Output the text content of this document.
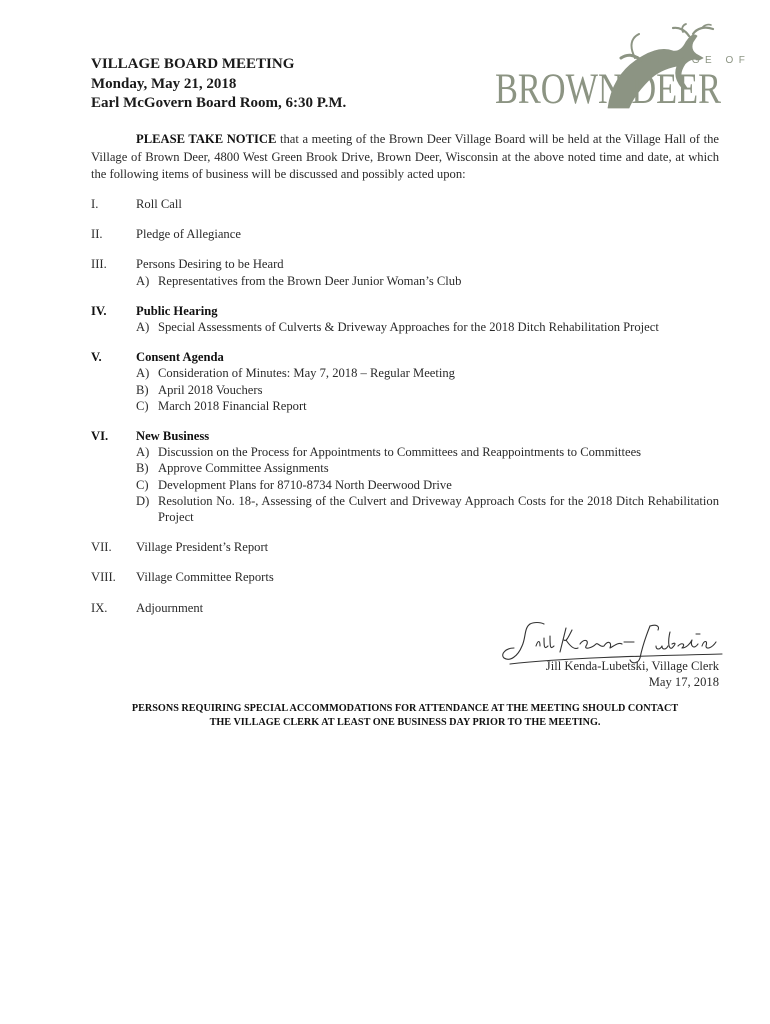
VILLAGE BOARD MEETING
Monday, May 21, 2018
Earl McGovern Board Room, 6:30 P.M.
VILLAGE OF
BROWN DEER
PLEASE TAKE NOTICE that a meeting of the Brown Deer Village Board will be held at the Village Hall of the Village of Brown Deer, 4800 West Green Brook Drive, Brown Deer, Wisconsin at the above noted time and date, at which the following items of business will be discussed and possibly acted upon:
I.	Roll Call
II.	Pledge of Allegiance
III.	Persons Desiring to be Heard
A) Representatives from the Brown Deer Junior Woman’s Club
IV.	Public Hearing
A) Special Assessments of Culverts & Driveway Approaches for the 2018 Ditch Rehabilitation Project
V.	Consent Agenda
A) Consideration of Minutes: May 7, 2018 – Regular Meeting
B) April 2018 Vouchers
C) March 2018 Financial Report
VI.	New Business
A) Discussion on the Process for Appointments to Committees and Reappointments to Committees
B) Approve Committee Assignments
C) Development Plans for 8710-8734 North Deerwood Drive
D) Resolution No. 18-, Assessing of the Culvert and Driveway Approach Costs for the 2018 Ditch Rehabilitation Project
VII.	Village President’s Report
VIII.	Village Committee Reports
IX.	Adjournment
Jill Kenda-Lubetski, Village Clerk
May 17, 2018
PERSONS REQUIRING SPECIAL ACCOMMODATIONS FOR ATTENDANCE AT THE MEETING SHOULD CONTACT
THE VILLAGE CLERK AT LEAST ONE BUSINESS DAY PRIOR TO THE MEETING.
